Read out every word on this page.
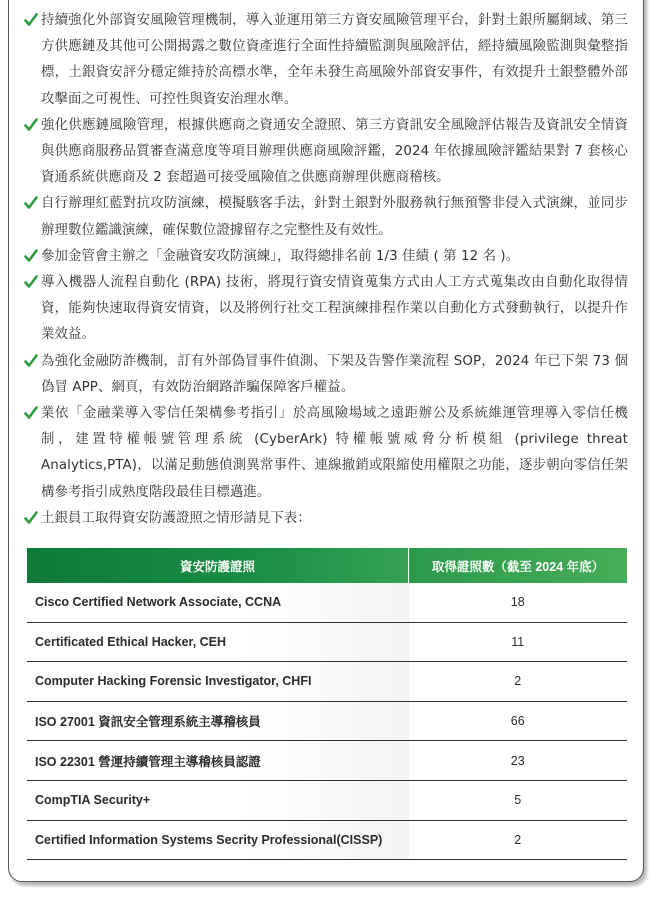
持續強化外部資安風險管理機制，導入並運用第三方資安風險管理平台，針對土銀所屬網域、第三方供應鏈及其他可公開揭露之數位資產進行全面性持續監測與風險評估，經持續風險監測與彙整指標，土銀資安評分穩定維持於高標水準，全年未發生高風險外部資安事件，有效提升土銀整體外部攻擊面之可視性、可控性與資安治理水準。
強化供應鏈風險管理，根據供應商之資通安全證照、第三方資訊安全風險評估報告及資訊安全情資與供應商服務品質審查滿意度等項目辦理供應商風險評鑑，2024 年依據風險評鑑結果對 7 套核心資通系統供應商及 2 套超過可接受風險值之供應商辦理供應商稽核。
自行辦理紅藍對抗攻防演練，模擬駭客手法，針對土銀對外服務執行無預警非侵入式演練，並同步辦理數位鑑識演練，確保數位證據留存之完整性及有效性。
參加金管會主辦之「金融資安攻防演練」，取得總排名前 1/3 佳績 ( 第 12 名 )。
導入機器人流程自動化 (RPA) 技術，將現行資安情資蒐集方式由人工方式蒐集改由自動化取得情資，能夠快速取得資安情資，以及將例行社交工程演練排程作業以自動化方式發動執行，以提升作業效益。
為強化金融防詐機制，訂有外部偽冒事件偵測、下架及告警作業流程 SOP，2024 年已下架 73 個偽冒 APP、網頁，有效防治網路詐騙保障客戶權益。
業依「金融業導入零信任架構參考指引」於高風險場域之遠距辦公及系統維運管理導入零信任機制，建置特權帳號管理系統 (CyberArk) 特權帳號威脅分析模組 (privilege threat Analytics,PTA)，以滿足動態偵測異常事件、連線撤銷或限縮使用權限之功能，逐步朝向零信任架構參考指引成熟度階段最佳目標邁進。
土銀員工取得資安防護證照之情形請見下表：
資安防護證照	取得證照數（截至 2024 年底）
Cisco Certified Network Associate, CCNA	18
Certificated Ethical Hacker, CEH	11
Computer Hacking Forensic Investigator, CHFI	2
ISO 27001 資訊安全管理系統主導稽核員	66
ISO 22301 營運持續管理主導稽核員認證	23
CompTIA Security+	5
Certified Information Systems Secrity Professional(CISSP)	2
